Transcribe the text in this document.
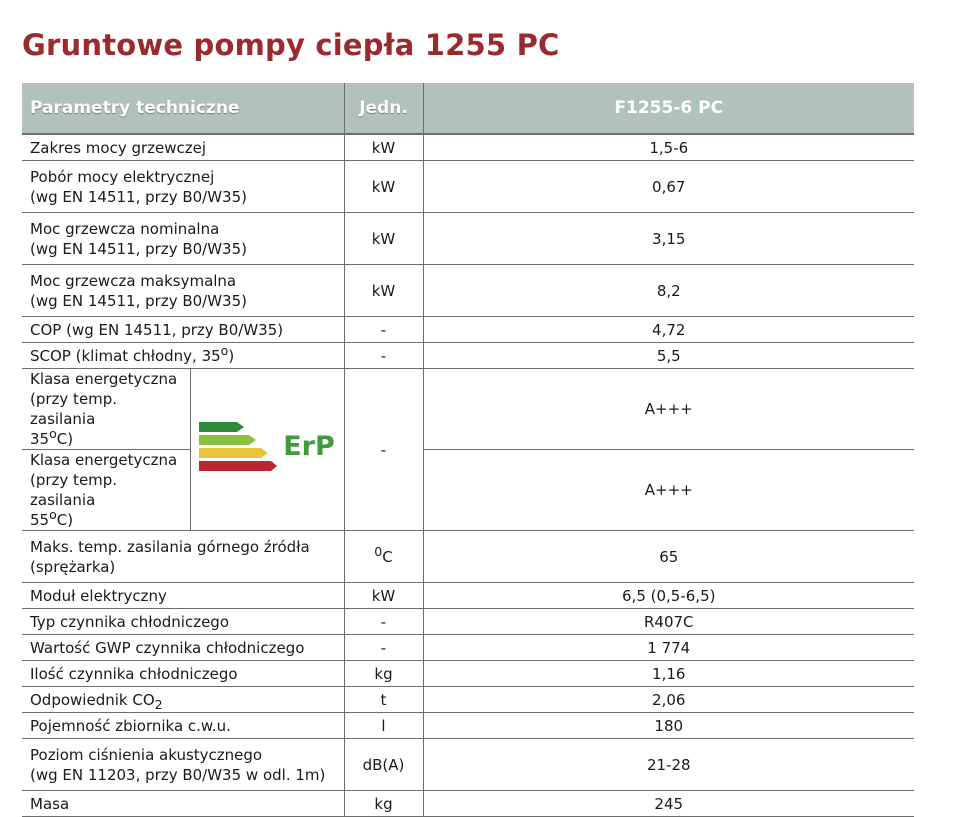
Gruntowe pompy ciepła 1255 PC
Parametry techniczne		Jedn.	F1255-6 PC
Zakres mocy grzewczej		kW	1,5-6
Pobór mocy elektrycznej
(wg EN 14511, przy B0/W35)		kW	0,67
Moc grzewcza nominalna
(wg EN 14511, przy B0/W35)		kW	3,15
Moc grzewcza maksymalna
(wg EN 14511, przy B0/W35)		kW	8,2
COP (wg EN 14511, przy B0/W35)		-	4,72
SCOP (klimat chłodny, 35$^o$)		-	5,5
Klasa energetyczna
(przy temp. zasilania
35$^o$C)	ErP	-	A+++
Klasa energetyczna
(przy temp. zasilania
55$^o$C)			A+++
Maks. temp. zasilania górnego źródła
(sprężarka)		$^0$C	65
Moduł elektryczny		kW	6,5 (0,5-6,5)
Typ czynnika chłodniczego		-	R407C
Wartość GWP czynnika chłodniczego		-	1 774
Ilość czynnika chłodniczego		kg	1,16
Odpowiednik $CO_2$		t	2,06
Pojemność zbiornika c.w.u.		l	180
Poziom ciśnienia akustycznego
(wg EN 11203, przy B0/W35 w odl. 1m)		dB(A)	21-28
Masa		kg	245
